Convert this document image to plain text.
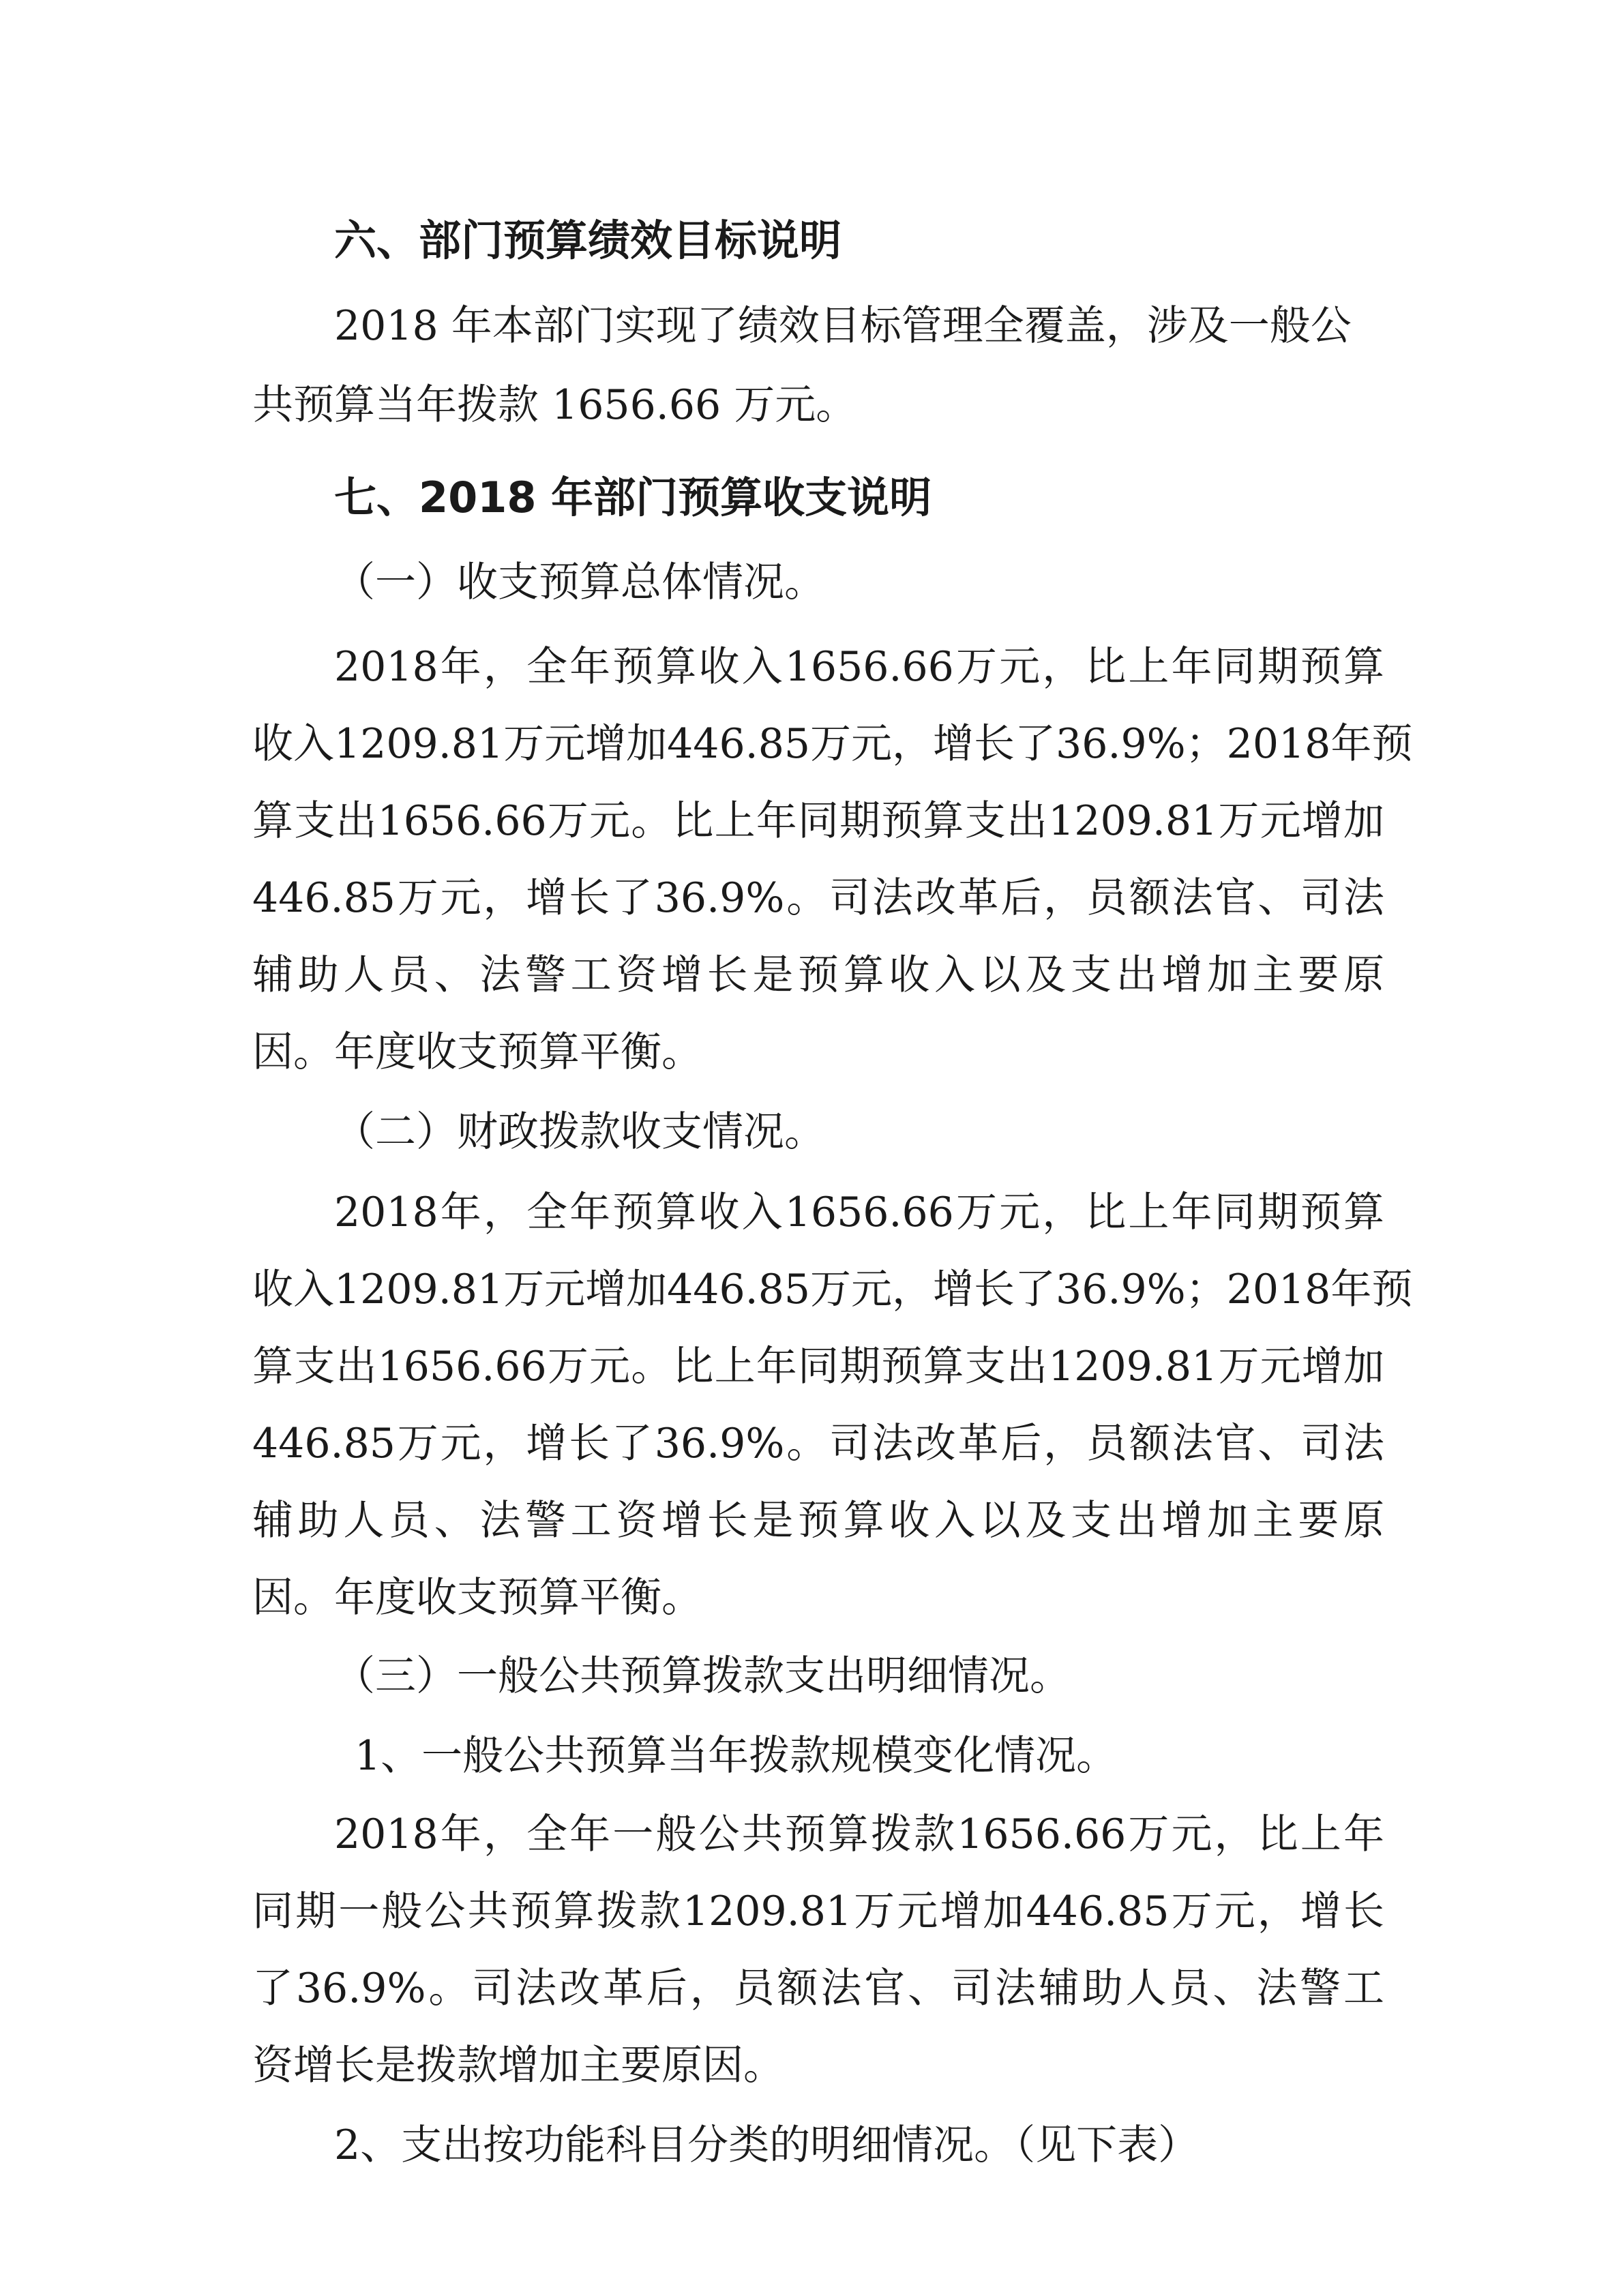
六、部门预算绩效目标说明
2018 年本部门实现了绩效目标管理全覆盖，涉及一般公
共预算当年拨款 1656.66 万元。
七、2018 年部门预算收支说明
（一）收支预算总体情况。
2018年，全年预算收入1656.66万元，比上年同期预算
收入1209.81万元增加446.85万元，增长了36.9%；2018年预
算支出1656.66万元。比上年同期预算支出1209.81万元增加
446.85万元，增长了36.9%。司法改革后，员额法官、司法
辅助人员、法警工资增长是预算收入以及支出增加主要原
因。年度收支预算平衡。
（二）财政拨款收支情况。
2018年，全年预算收入1656.66万元，比上年同期预算
收入1209.81万元增加446.85万元，增长了36.9%；2018年预
算支出1656.66万元。比上年同期预算支出1209.81万元增加
446.85万元，增长了36.9%。司法改革后，员额法官、司法
辅助人员、法警工资增长是预算收入以及支出增加主要原
因。年度收支预算平衡。
（三）一般公共预算拨款支出明细情况。
1、一般公共预算当年拨款规模变化情况。
2018年，全年一般公共预算拨款1656.66万元，比上年
同期一般公共预算拨款1209.81万元增加446.85万元，增长
了36.9%。司法改革后，员额法官、司法辅助人员、法警工
资增长是拨款增加主要原因。
2、支出按功能科目分类的明细情况。（见下表）
